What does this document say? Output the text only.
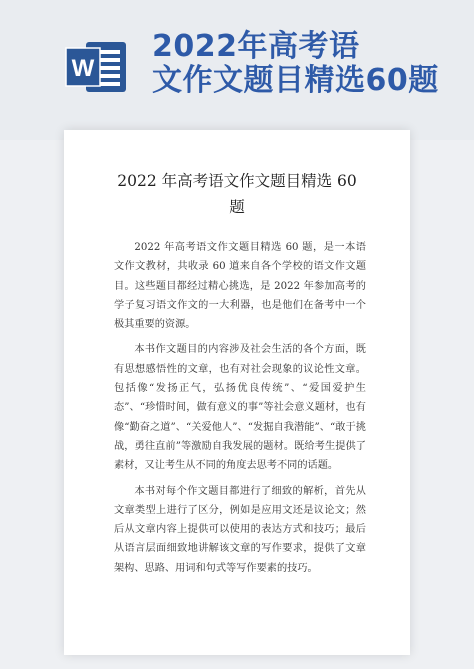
W
2022年高考语
文作文题目精选60题
2022 年高考语文作文题目精选 60
题

2022 年高考语文作文题目精选 60 题，是一本语文作文教材，共收录 60 道来自各个学校的语文作文题目。这些题目都经过精心挑选，是 2022 年参加高考的学子复习语文作文的一大利器，也是他们在备考中一个极其重要的资源。

本书作文题目的内容涉及社会生活的各个方面，既有思想感悟性的文章，也有对社会现象的议论性文章。包括像“发扬正气，弘扬优良传统”、“爱国爱护生态”、“珍惜时间，做有意义的事”等社会意义题材，也有像“勤奋之道”、“关爱他人”、“发掘自我潜能”、“敢于挑战，勇往直前”等激励自我发展的题材。既给考生提供了素材，又让考生从不同的角度去思考不同的话题。

本书对每个作文题目都进行了细致的解析，首先从文章类型上进行了区分，例如是应用文还是议论文；然后从文章内容上提供可以使用的表达方式和技巧；最后从语言层面细致地讲解该文章的写作要求，提供了文章架构、思路、用词和句式等写作要素的技巧。
